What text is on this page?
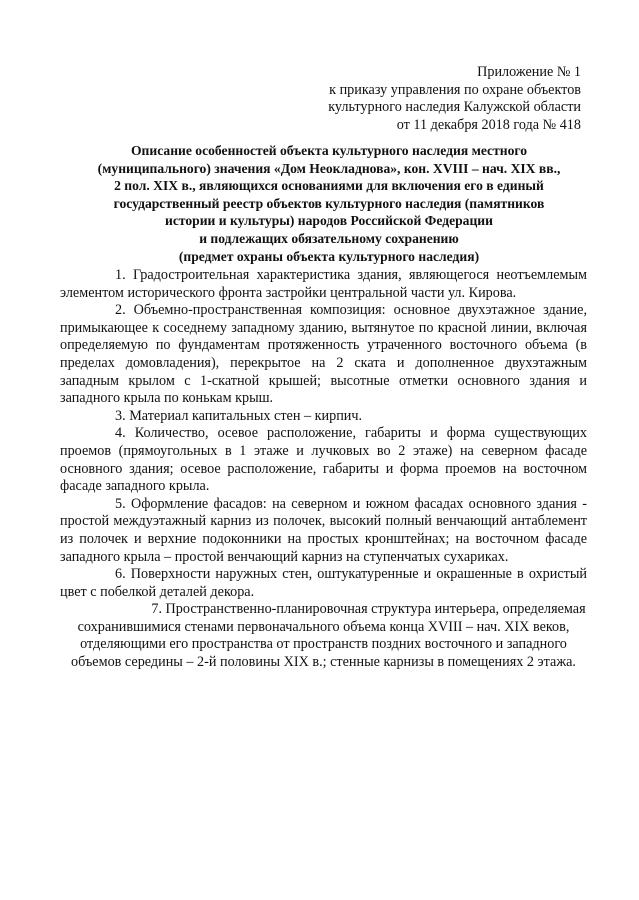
Приложение № 1
к приказу управления по охране объектов
культурного наследия Калужской области
от 11 декабря 2018 года № 418
Описание особенностей объекта культурного наследия местного
(муниципального) значения «Дом Неокладнова», кон. XVIII – нач. XIX вв.,
2 пол. XIX в., являющихся основаниями для включения его в единый
государственный реестр объектов культурного наследия (памятников
истории и культуры) народов Российской Федерации
и подлежащих обязательному сохранению
(предмет охраны объекта культурного наследия)

1. Градостроительная характеристика здания, являющегося неотъемлемым элементом исторического фронта застройки центральной части ул. Кирова.

2. Объемно-пространственная композиция: основное двухэтажное здание, примыкающее к соседнему западному зданию, вытянутое по красной линии, включая определяемую по фундаментам протяженность утраченного восточного объема (в пределах домовладения), перекрытое на 2 ската и дополненное двухэтажным западным крылом с 1-скатной крышей; высотные отметки основного здания и западного крыла по конькам крыш.

3. Материал капитальных стен – кирпич.

4. Количество, осевое расположение, габариты и форма существующих проемов (прямоугольных в 1 этаже и лучковых во 2 этаже) на северном фасаде основного здания; осевое расположение, габариты и форма проемов на восточном фасаде западного крыла.

5. Оформление фасадов: на северном и южном фасадах основного здания - простой междуэтажный карниз из полочек, высокий полный венчающий антаблемент из полочек и верхние подоконники на простых кронштейнах; на восточном фасаде западного крыла – простой венчающий карниз на ступенчатых сухариках.

6. Поверхности наружных стен, оштукатуренные и окрашенные в охристый цвет с побелкой деталей декора.

7. Пространственно-планировочная структура интерьера, определяемая
сохранившимися стенами первоначального объема конца XVIII – нач. XIX веков,
отделяющими его пространства от пространств поздних восточного и западного
объемов середины – 2-й половины XIX в.; стенные карнизы в помещениях 2 этажа.
